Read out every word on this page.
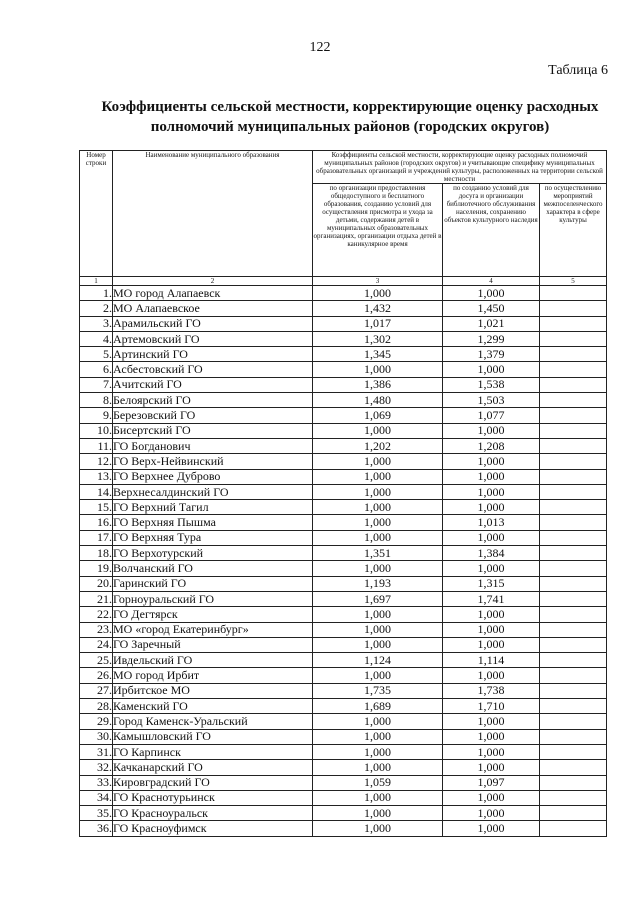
122
Таблица 6
Коэффициенты сельской местности, корректирующие оценку расходных
полномочий муниципальных районов (городских округов)
Номер строки	Наименование муниципального образования	Коэффициенты сельской местности, корректирующие оценку расходных полномочий муниципальных районов (городских округов) и учитывающие специфику муниципальных образовательных организаций и учреждений культуры, расположенных на территории сельской местности		
		по организации предоставления общедоступного и бесплатного образования, созданию условий для осуществления присмотра и ухода за детьми, содержания детей в муниципальных образовательных организациях, организации отдыха детей в каникулярное время	по созданию условий для досуга и организации библиотечного обслуживания населения, сохранению объектов культурного наследия	по осуществлению мероприятий межпоселенческого характера в сфере культуры
1	2	3	4	5
1.	МО город Алапаевск	1,000	1,000	
2.	МО Алапаевское	1,432	1,450	
3.	Арамильский ГО	1,017	1,021	
4.	Артемовский ГО	1,302	1,299	
5.	Артинский ГО	1,345	1,379	
6.	Асбестовский ГО	1,000	1,000	
7.	Ачитский ГО	1,386	1,538	
8.	Белоярский ГО	1,480	1,503	
9.	Березовский ГО	1,069	1,077	
10.	Бисертский ГО	1,000	1,000	
11.	ГО Богданович	1,202	1,208	
12.	ГО Верх-Нейвинский	1,000	1,000	
13.	ГО Верхнее Дуброво	1,000	1,000	
14.	Верхнесалдинский ГО	1,000	1,000	
15.	ГО Верхний Тагил	1,000	1,000	
16.	ГО Верхняя Пышма	1,000	1,013	
17.	ГО Верхняя Тура	1,000	1,000	
18.	ГО Верхотурский	1,351	1,384	
19.	Волчанский ГО	1,000	1,000	
20.	Гаринский ГО	1,193	1,315	
21.	Горноуральский ГО	1,697	1,741	
22.	ГО Дегтярск	1,000	1,000	
23.	МО «город Екатеринбург»	1,000	1,000	
24.	ГО Заречный	1,000	1,000	
25.	Ивдельский ГО	1,124	1,114	
26.	МО город Ирбит	1,000	1,000	
27.	Ирбитское МО	1,735	1,738	
28.	Каменский ГО	1,689	1,710	
29.	Город Каменск-Уральский	1,000	1,000	
30.	Камышловский ГО	1,000	1,000	
31.	ГО Карпинск	1,000	1,000	
32.	Качканарский ГО	1,000	1,000	
33.	Кировградский ГО	1,059	1,097	
34.	ГО Краснотурьинск	1,000	1,000	
35.	ГО Красноуральск	1,000	1,000	
36.	ГО Красноуфимск	1,000	1,000	
